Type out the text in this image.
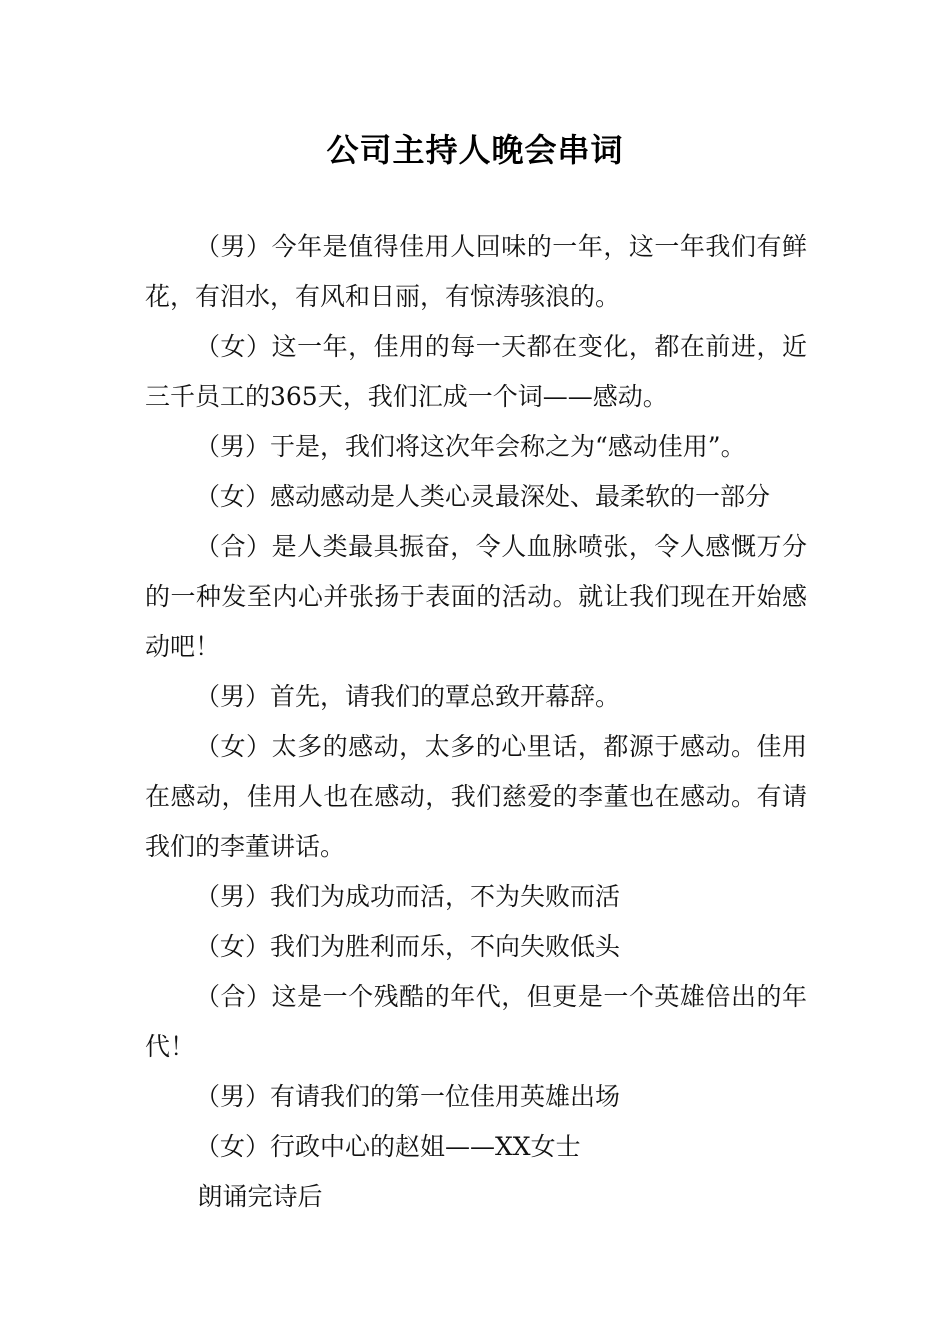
公司主持人晚会串词

（男）今年是值得佳用人回味的一年，这一年我们有鲜花，有泪水，有风和日丽，有惊涛骇浪的。

（女）这一年，佳用的每一天都在变化，都在前进，近三千员工的365天，我们汇成一个词——感动。

（男）于是，我们将这次年会称之为“感动佳用”。

（女）感动感动是人类心灵最深处、最柔软的一部分

（合）是人类最具振奋，令人血脉喷张，令人感慨万分的一种发至内心并张扬于表面的活动。就让我们现在开始感动吧！

（男）首先，请我们的覃总致开幕辞。

（女）太多的感动，太多的心里话，都源于感动。佳用在感动，佳用人也在感动，我们慈爱的李董也在感动。有请我们的李董讲话。

（男）我们为成功而活，不为失败而活

（女）我们为胜利而乐，不向失败低头

（合）这是一个残酷的年代，但更是一个英雄倍出的年代！

（男）有请我们的第一位佳用英雄出场

（女）行政中心的赵姐——XX女士

朗诵完诗后
